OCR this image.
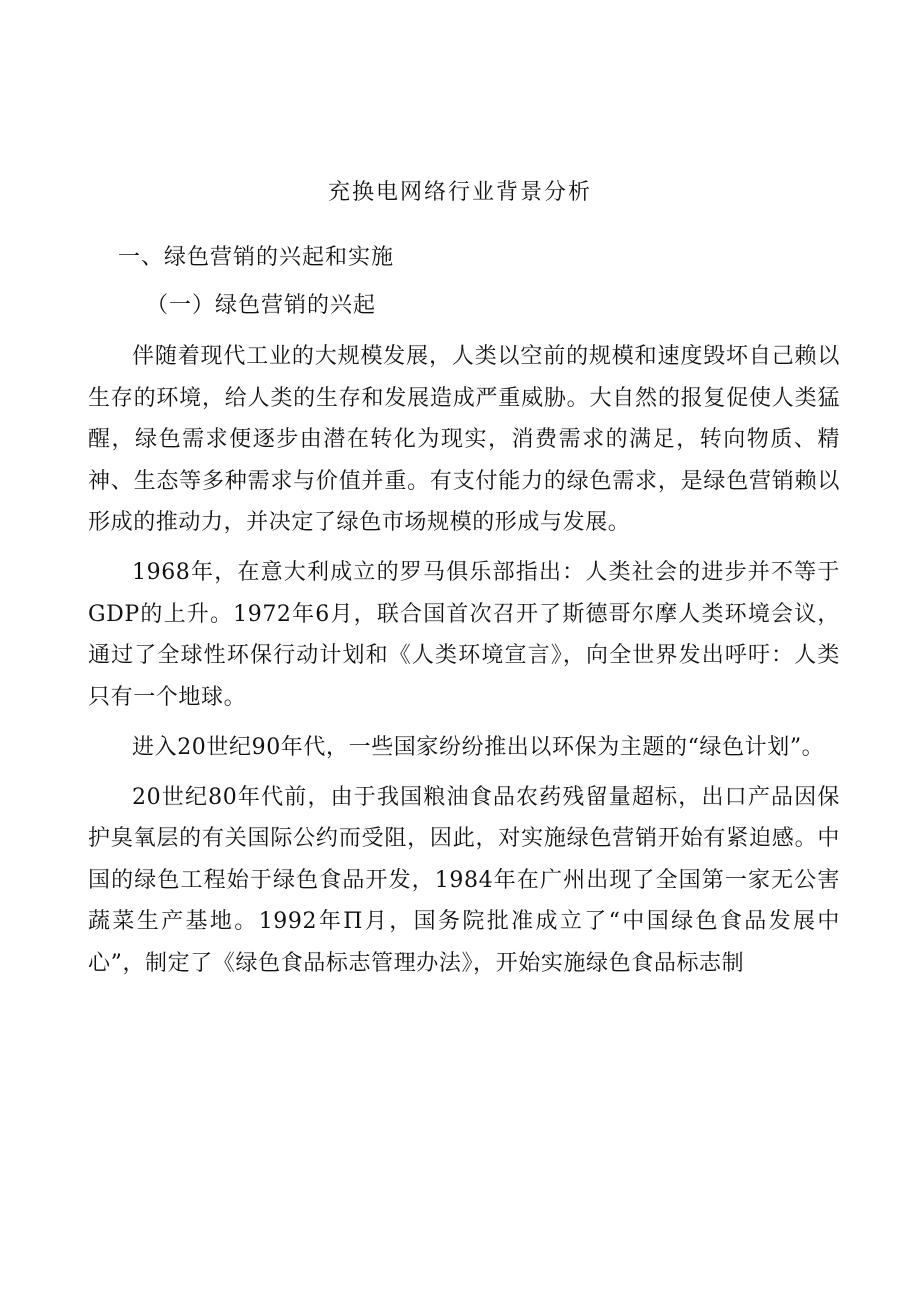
充换电网络行业背景分析
一、绿色营销的兴起和实施
（一）绿色营销的兴起

伴随着现代工业的大规模发展，人类以空前的规模和速度毁坏自己赖以生存的环境，给人类的生存和发展造成严重威胁。大自然的报复促使人类猛醒，绿色需求便逐步由潜在转化为现实，消费需求的满足，转向物质、精神、生态等多种需求与价值并重。有支付能力的绿色需求，是绿色营销赖以形成的推动力，并决定了绿色市场规模的形成与发展。

1968年，在意大利成立的罗马俱乐部指出：人类社会的进步并不等于GDP的上升。1972年6月，联合国首次召开了斯德哥尔摩人类环境会议，通过了全球性环保行动计划和《人类环境宣言》，向全世界发出呼吁：人类只有一个地球。

进入20世纪90年代，一些国家纷纷推出以环保为主题的“绿色计划”。

20世纪80年代前，由于我国粮油食品农药残留量超标，出口产品因保护臭氧层的有关国际公约而受阻，因此，对实施绿色营销开始有紧迫感。中国的绿色工程始于绿色食品开发，1984年在广州出现了全国第一家无公害蔬菜生产基地。1992年Π月，国务院批准成立了“中国绿色食品发展中心”，制定了《绿色食品标志管理办法》，开始实施绿色食品标志制
